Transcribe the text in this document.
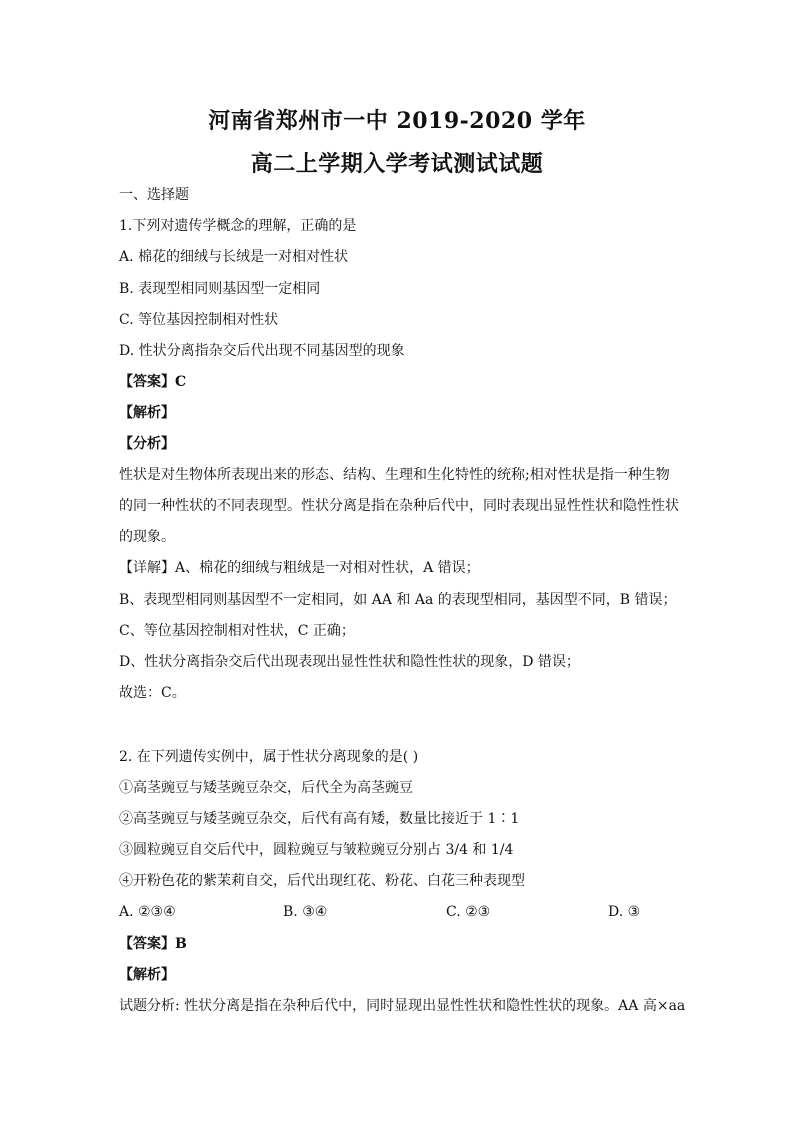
河南省郑州市一中 2019-2020 学年
高二上学期入学考试测试试题
一、选择题
1.下列对遗传学概念的理解，正确的是
A. 棉花的细绒与长绒是一对相对性状
B. 表现型相同则基因型一定相同
C. 等位基因控制相对性状
D. 性状分离指杂交后代出现不同基因型的现象
【答案】C
【解析】
【分析】
性状是对生物体所表现出来的形态、结构、生理和生化特性的统称;相对性状是指一种生物
的同一种性状的不同表现型。性状分离是指在杂种后代中，同时表现出显性性状和隐性性状
的现象。
【详解】A、棉花的细绒与粗绒是一对相对性状，A 错误；
B、表现型相同则基因型不一定相同，如 AA 和 Aa 的表现型相同，基因型不同，B 错误；
C、等位基因控制相对性状，C 正确；
D、性状分离指杂交后代出现表现出显性性状和隐性性状的现象，D 错误；
故选：C。
2. 在下列遗传实例中，属于性状分离现象的是( )
①高茎豌豆与矮茎豌豆杂交，后代全为高茎豌豆
②高茎豌豆与矮茎豌豆杂交，后代有高有矮，数量比接近于 1∶1
③圆粒豌豆自交后代中，圆粒豌豆与皱粒豌豆分别占 3/4 和 1/4
④开粉色花的紫茉莉自交，后代出现红花、粉花、白花三种表现型
A. ②③④	B. ③④	C. ②③	D. ③
【答案】B
【解析】
试题分析: 性状分离是指在杂种后代中，同时显现出显性性状和隐性性状的现象。AA 高×aa
